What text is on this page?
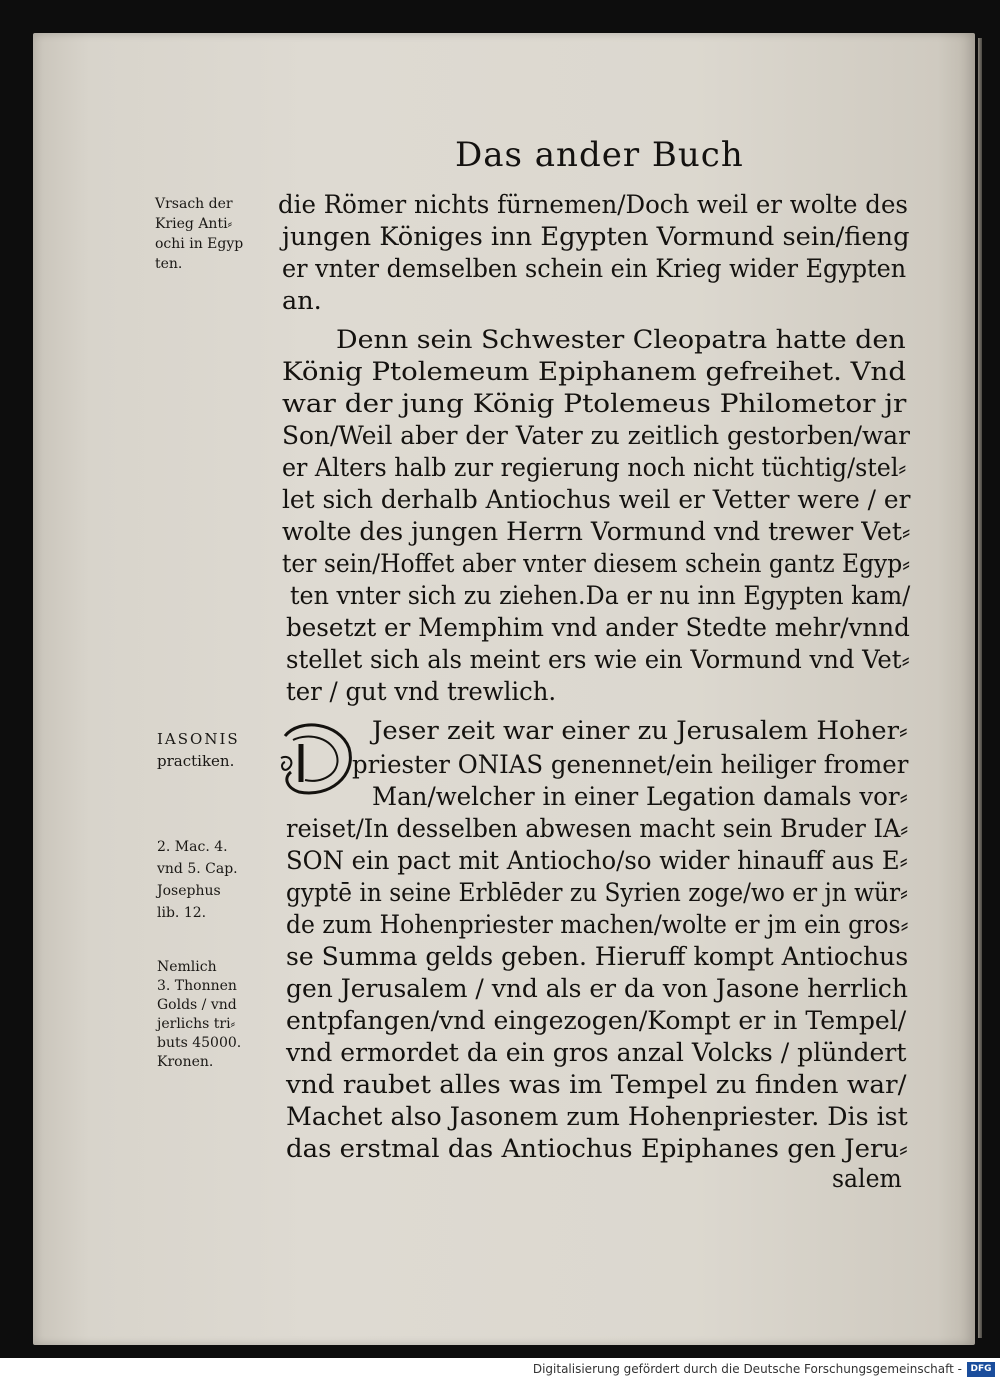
Das ander Buch
Vrsach der
Krieg Anti⸗
ochi in Egyp
ten.
IASONIS
practiken.
2. Mac. 4.
vnd 5. Cap.
Josephus
lib. 12.
Nemlich
3. Thonnen
Golds / vnd
jerlichs tri⸗
buts 45000.
Kronen.
die Römer nichts fürnemen/Doch weil er wolte des
jungen Königes inn Egypten Vormund sein/fieng
er vnter demselben schein ein Krieg wider Egypten
an.
Denn sein Schwester Cleopatra hatte den
König Ptolemeum Epiphanem gefreihet. Vnd
war der jung König Ptolemeus Philometor jr
Son/Weil aber der Vater zu zeitlich gestorben/war
er Alters halb zur regierung noch nicht tüchtig/stel⸗
let sich derhalb Antiochus weil er Vetter were / er
wolte des jungen Herrn Vormund vnd trewer Vet⸗
ter sein/Hoffet aber vnter diesem schein gantz Egyp⸗
ten vnter sich zu ziehen.Da er nu inn Egypten kam/
besetzt er Memphim vnd ander Stedte mehr/vnnd
stellet sich als meint ers wie ein Vormund vnd Vet⸗
ter / gut vnd trewlich.
Jeser zeit war einer zu Jerusalem Hoher⸗
priester ONIAS genennet/ein heiliger fromer
Man/welcher in einer Legation damals vor⸗
reiset/In desselben abwesen macht sein Bruder IA⸗
SON ein pact mit Antiocho/so wider hinauff aus E⸗
gyptē in seine Erblēder zu Syrien zoge/wo er jn wür⸗
de zum Hohenpriester machen/wolte er jm ein gros⸗
se Summa gelds geben. Hieruff kompt Antiochus
gen Jerusalem / vnd als er da von Jasone herrlich
entpfangen/vnd eingezogen/Kompt er in Tempel/
vnd ermordet da ein gros anzal Volcks / plündert
vnd raubet alles was im Tempel zu finden war/
Machet also Jasonem zum Hohenpriester. Dis ist
das erstmal das Antiochus Epiphanes gen Jeru⸗
salem
Digitalisierung gefördert durch die Deutsche Forschungsgemeinschaft - DFG
